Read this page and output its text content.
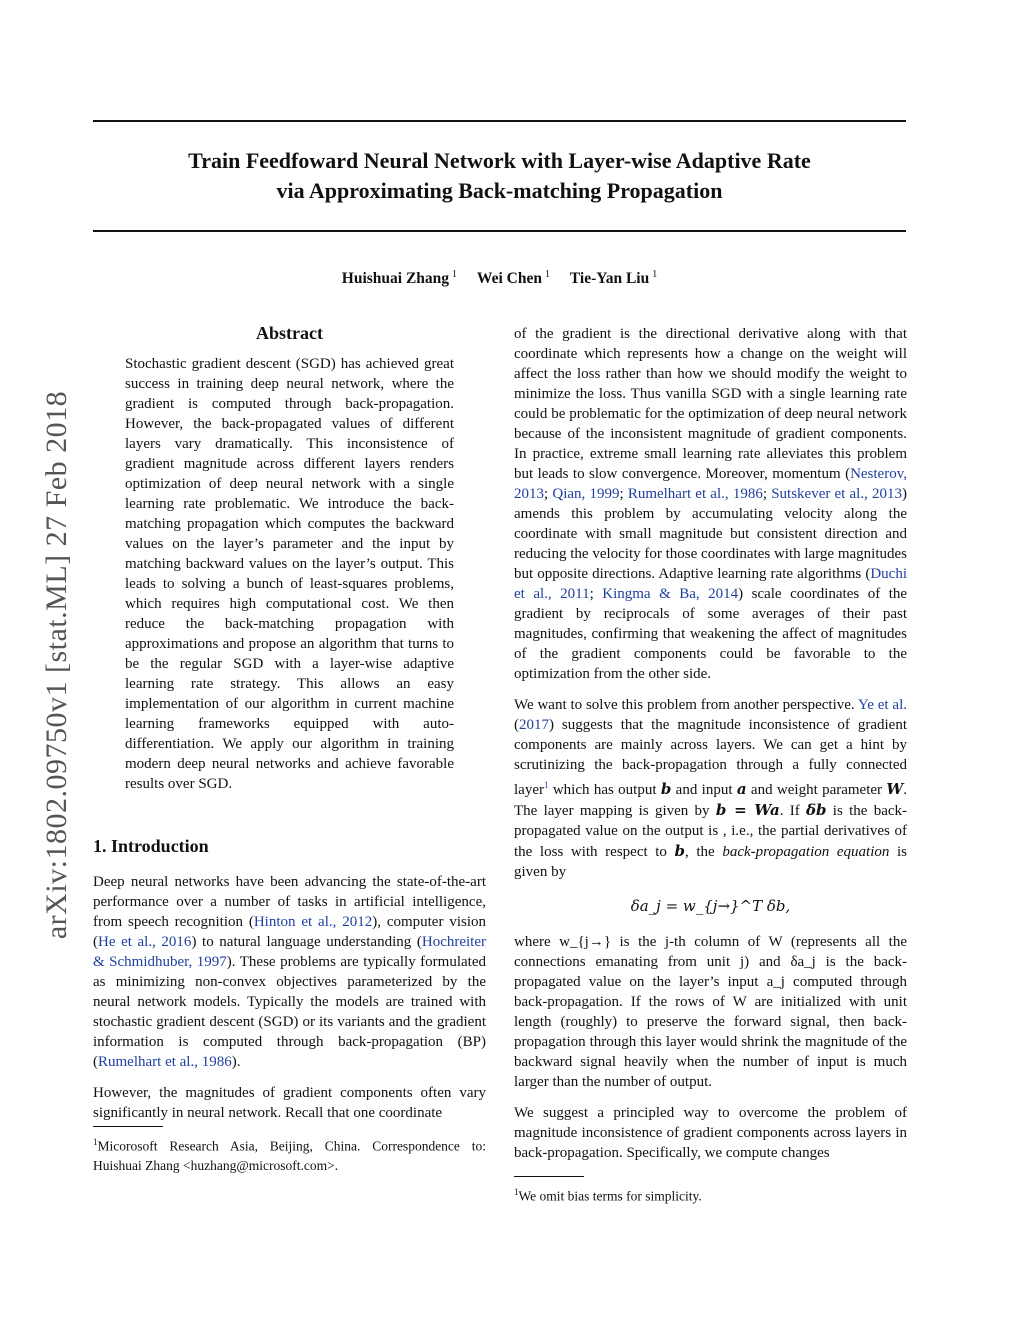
Train Feedfoward Neural Network with Layer-wise Adaptive Rate
via Approximating Back-matching Propagation
Huishuai Zhang $^1$ Wei Chen $^1$ Tie-Yan Liu $^1$
arXiv:1802.09750v1 [stat.ML] 27 Feb 2018
Abstract

Stochastic gradient descent (SGD) has achieved great success in training deep neural network, where the gradient is computed through back-propagation. However, the back-propagated values of different layers vary dramatically. This inconsistence of gradient magnitude across different layers renders optimization of deep neural network with a single learning rate problematic. We introduce the back-matching propagation which computes the backward values on the layer’s parameter and the input by matching backward values on the layer’s output. This leads to solving a bunch of least-squares problems, which requires high computational cost. We then reduce the back-matching propagation with approximations and propose an algorithm that turns to be the regular SGD with a layer-wise adaptive learning rate strategy. This allows an easy implementation of our algorithm in current machine learning frameworks equipped with auto-differentiation. We apply our algorithm in training modern deep neural networks and achieve favorable results over SGD.

1. Introduction

Deep neural networks have been advancing the state-of-the-art performance over a number of tasks in artificial intelligence, from speech recognition (Hinton et al., 2012), computer vision (He et al., 2016) to natural language understanding (Hochreiter & Schmidhuber, 1997). These problems are typically formulated as minimizing non-convex objectives parameterized by the neural network models. Typically the models are trained with stochastic gradient descent (SGD) or its variants and the gradient information is computed through back-propagation (BP) (Rumelhart et al., 1986).

However, the magnitudes of gradient components often vary significantly in neural network. Recall that one coordinate

$^1$Micorosoft Research Asia, Beijing, China. Correspondence to: Huishuai Zhang <huzhang@microsoft.com>.

of the gradient is the directional derivative along with that coordinate which represents how a change on the weight will affect the loss rather than how we should modify the weight to minimize the loss. Thus vanilla SGD with a single learning rate could be problematic for the optimization of deep neural network because of the inconsistent magnitude of gradient components. In practice, extreme small learning rate alleviates this problem but leads to slow convergence. Moreover, momentum (Nesterov, 2013; Qian, 1999; Rumelhart et al., 1986; Sutskever et al., 2013) amends this problem by accumulating velocity along the coordinate with small magnitude but consistent direction and reducing the velocity for those coordinates with large magnitudes but opposite directions. Adaptive learning rate algorithms (Duchi et al., 2011; Kingma & Ba, 2014) scale coordinates of the gradient by reciprocals of some averages of their past magnitudes, confirming that weakening the affect of magnitudes of the gradient components could be favorable to the optimization from the other side.

We want to solve this problem from another perspective. Ye et al. (2017) suggests that the magnitude inconsistence of gradient components are mainly across layers. We can get a hint by scrutinizing the back-propagation through a fully connected layer$^1$ which has output b and input a and weight parameter W. The layer mapping is given by b = Wa. If δb is the back-propagated value on the output is , i.e., the partial derivatives of the loss with respect to b, the back-propagation equation is given by

δa_j = w_{j→}^T δb,

where w_{j→} is the j-th column of W (represents all the connections emanating from unit j) and δa_j is the back-propagated value on the layer’s input a_j computed through back-propagation. If the rows of W are initialized with unit length (roughly) to preserve the forward signal, then back-propagation through this layer would shrink the magnitude of the backward signal heavily when the number of input is much larger than the number of output.

We suggest a principled way to overcome the problem of magnitude inconsistence of gradient components across layers in back-propagation. Specifically, we compute changes

$^1$We omit bias terms for simplicity.
